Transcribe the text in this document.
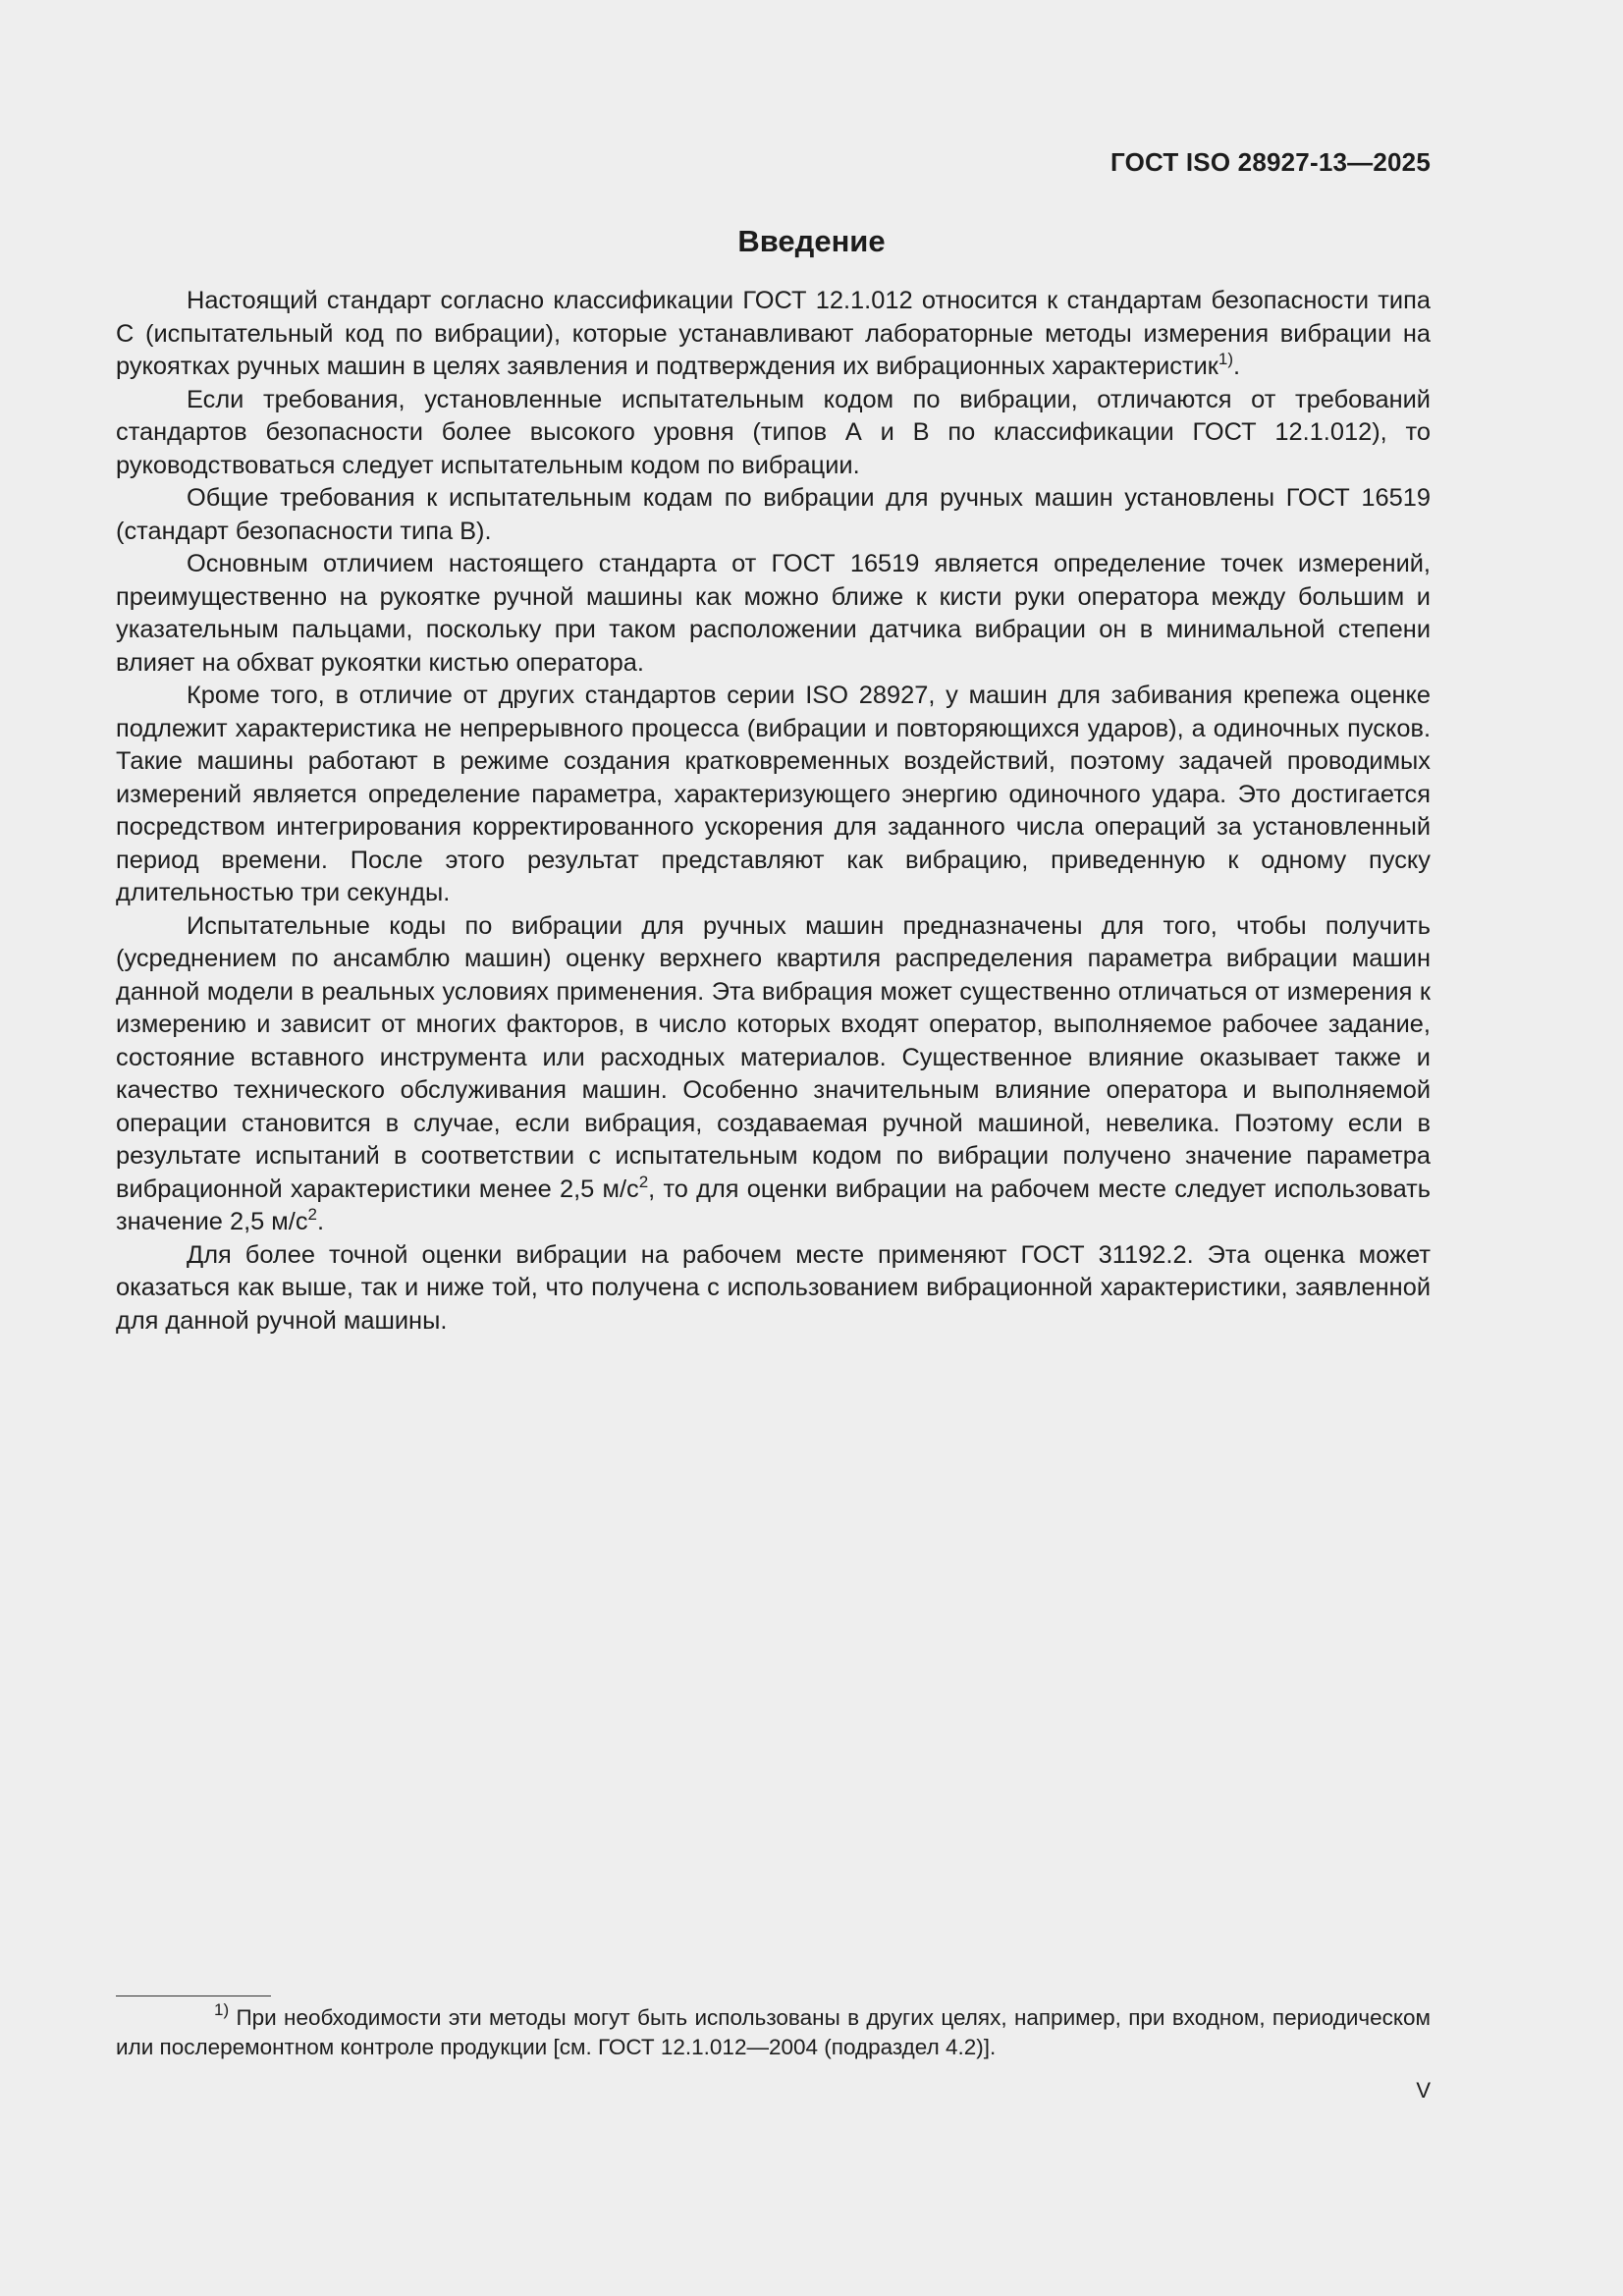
ГОСТ ISO 28927-13—2025
Введение

Настоящий стандарт согласно классификации ГОСТ 12.1.012 относится к стандартам безопасности типа С (испытательный код по вибрации), которые устанавливают лабораторные методы измерения вибрации на рукоятках ручных машин в целях заявления и подтверждения их вибрационных характеристик$^{1)}$.

Если требования, установленные испытательным кодом по вибрации, отличаются от требований стандартов безопасности более высокого уровня (типов А и В по классификации ГОСТ 12.1.012), то руководствоваться следует испытательным кодом по вибрации.

Общие требования к испытательным кодам по вибрации для ручных машин установлены ГОСТ 16519 (стандарт безопасности типа В).

Основным отличием настоящего стандарта от ГОСТ 16519 является определение точек измерений, преимущественно на рукоятке ручной машины как можно ближе к кисти руки оператора между большим и указательным пальцами, поскольку при таком расположении датчика вибрации он в минимальной степени влияет на обхват рукоятки кистью оператора.

Кроме того, в отличие от других стандартов серии ISO 28927, у машин для забивания крепежа оценке подлежит характеристика не непрерывного процесса (вибрации и повторяющихся ударов), а одиночных пусков. Такие машины работают в режиме создания кратковременных воздействий, поэтому задачей проводимых измерений является определение параметра, характеризующего энергию одиночного удара. Это достигается посредством интегрирования корректированного ускорения для заданного числа операций за установленный период времени. После этого результат представляют как вибрацию, приведенную к одному пуску длительностью три секунды.

Испытательные коды по вибрации для ручных машин предназначены для того, чтобы получить (усреднением по ансамблю машин) оценку верхнего квартиля распределения параметра вибрации машин данной модели в реальных условиях применения. Эта вибрация может существенно отличаться от измерения к измерению и зависит от многих факторов, в число которых входят оператор, выполняемое рабочее задание, состояние вставного инструмента или расходных материалов. Существенное влияние оказывает также и качество технического обслуживания машин. Особенно значительным влияние оператора и выполняемой операции становится в случае, если вибрация, создаваемая ручной машиной, невелика. Поэтому если в результате испытаний в соответствии с испытательным кодом по вибрации получено значение параметра вибрационной характеристики менее 2,5 $м/с^2$, то для оценки вибрации на рабочем месте следует использовать значение 2,5 $м/с^2$.

Для более точной оценки вибрации на рабочем месте применяют ГОСТ 31192.2. Эта оценка может оказаться как выше, так и ниже той, что получена с использованием вибрационной характеристики, заявленной для данной ручной машины.

$^{1)}$ При необходимости эти методы могут быть использованы в других целях, например, при входном, периодическом или послеремонтном контроле продукции [см. ГОСТ 12.1.012—2004 (подраздел 4.2)].
V
